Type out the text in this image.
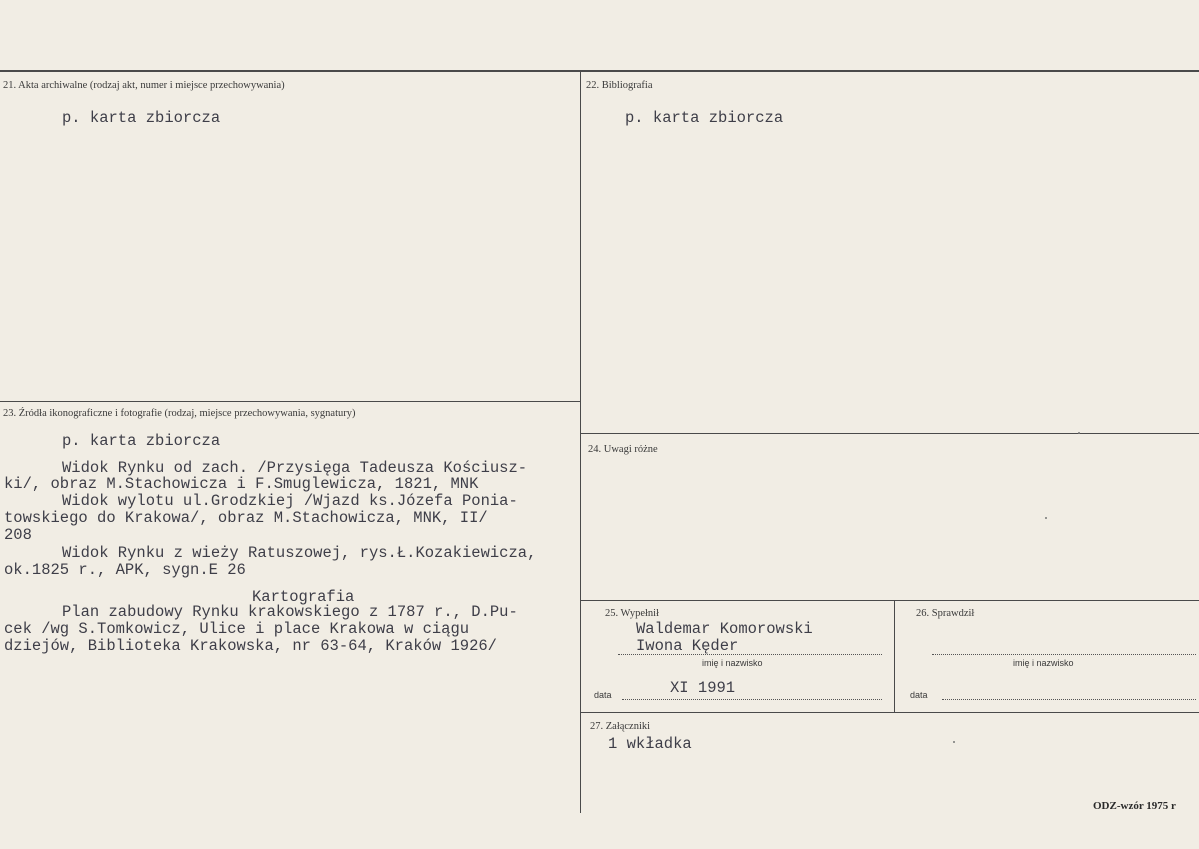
21. Akta archiwalne (rodzaj akt, numer i miejsce przechowywania)
p. karta zbiorcza
22. Bibliografia
p. karta zbiorcza
23. Źródła ikonograficzne i fotografie (rodzaj, miejsce przechowywania, sygnatury)
p. karta zbiorcza
Widok Rynku od zach. /Przysięga Tadeusza Kościusz-
ki/, obraz M.Stachowicza i F.Smuglewicza, 1821, MNK
Widok wylotu ul.Grodzkiej /Wjazd ks.Józefa Ponia-
towskiego do Krakowa/, obraz M.Stachowicza, MNK, II/
208
Widok Rynku z wieży Ratuszowej, rys.Ł.Kozakiewicza,
ok.1825 r., APK, sygn.E 26
Kartografia
Plan zabudowy Rynku krakowskiego z 1787 r., D.Pu-
cek /wg S.Tomkowicz, Ulice i place Krakowa w ciągu
dziejów, Biblioteka Krakowska, nr 63-64, Kraków 1926/
24. Uwagi różne
25. Wypełnił
Waldemar Komorowski
Iwona Kęder
imię i nazwisko
data	XI 1991
26. Sprawdził
imię i nazwisko
data
27. Załączniki
1 wkładka
ODZ-wzór 1975 r
